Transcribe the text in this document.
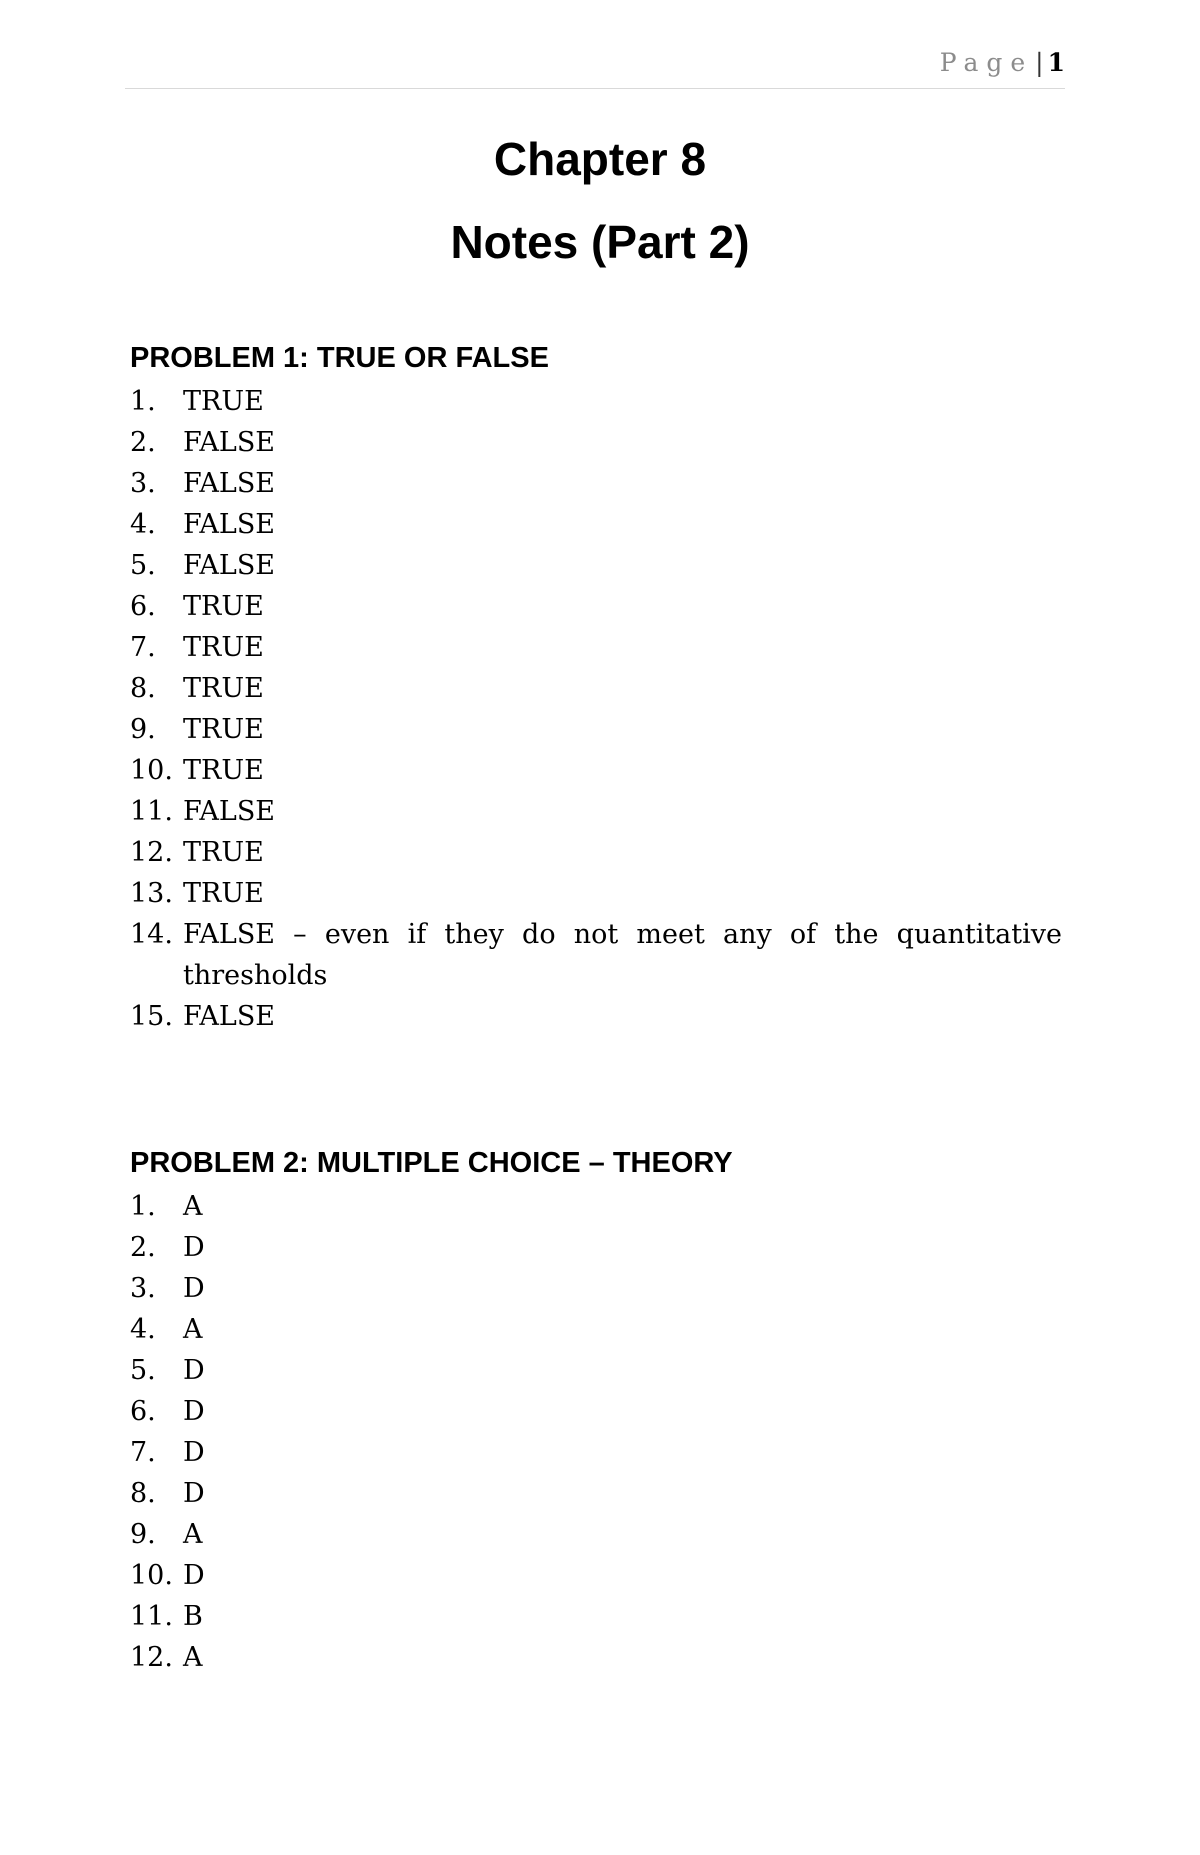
Page| 1
Chapter 8
Notes (Part 2)
PROBLEM 1: TRUE OR FALSE
1. TRUE
2. FALSE
3. FALSE
4. FALSE
5. FALSE
6. TRUE
7. TRUE
8. TRUE
9. TRUE
10. TRUE
11. FALSE
12. TRUE
13. TRUE
14. FALSE – even if they do not meet any of the quantitative thresholds
15. FALSE
PROBLEM 2: MULTIPLE CHOICE – THEORY
1. A
2. D
3. D
4. A
5. D
6. D
7. D
8. D
9. A
10. D
11. B
12. A
